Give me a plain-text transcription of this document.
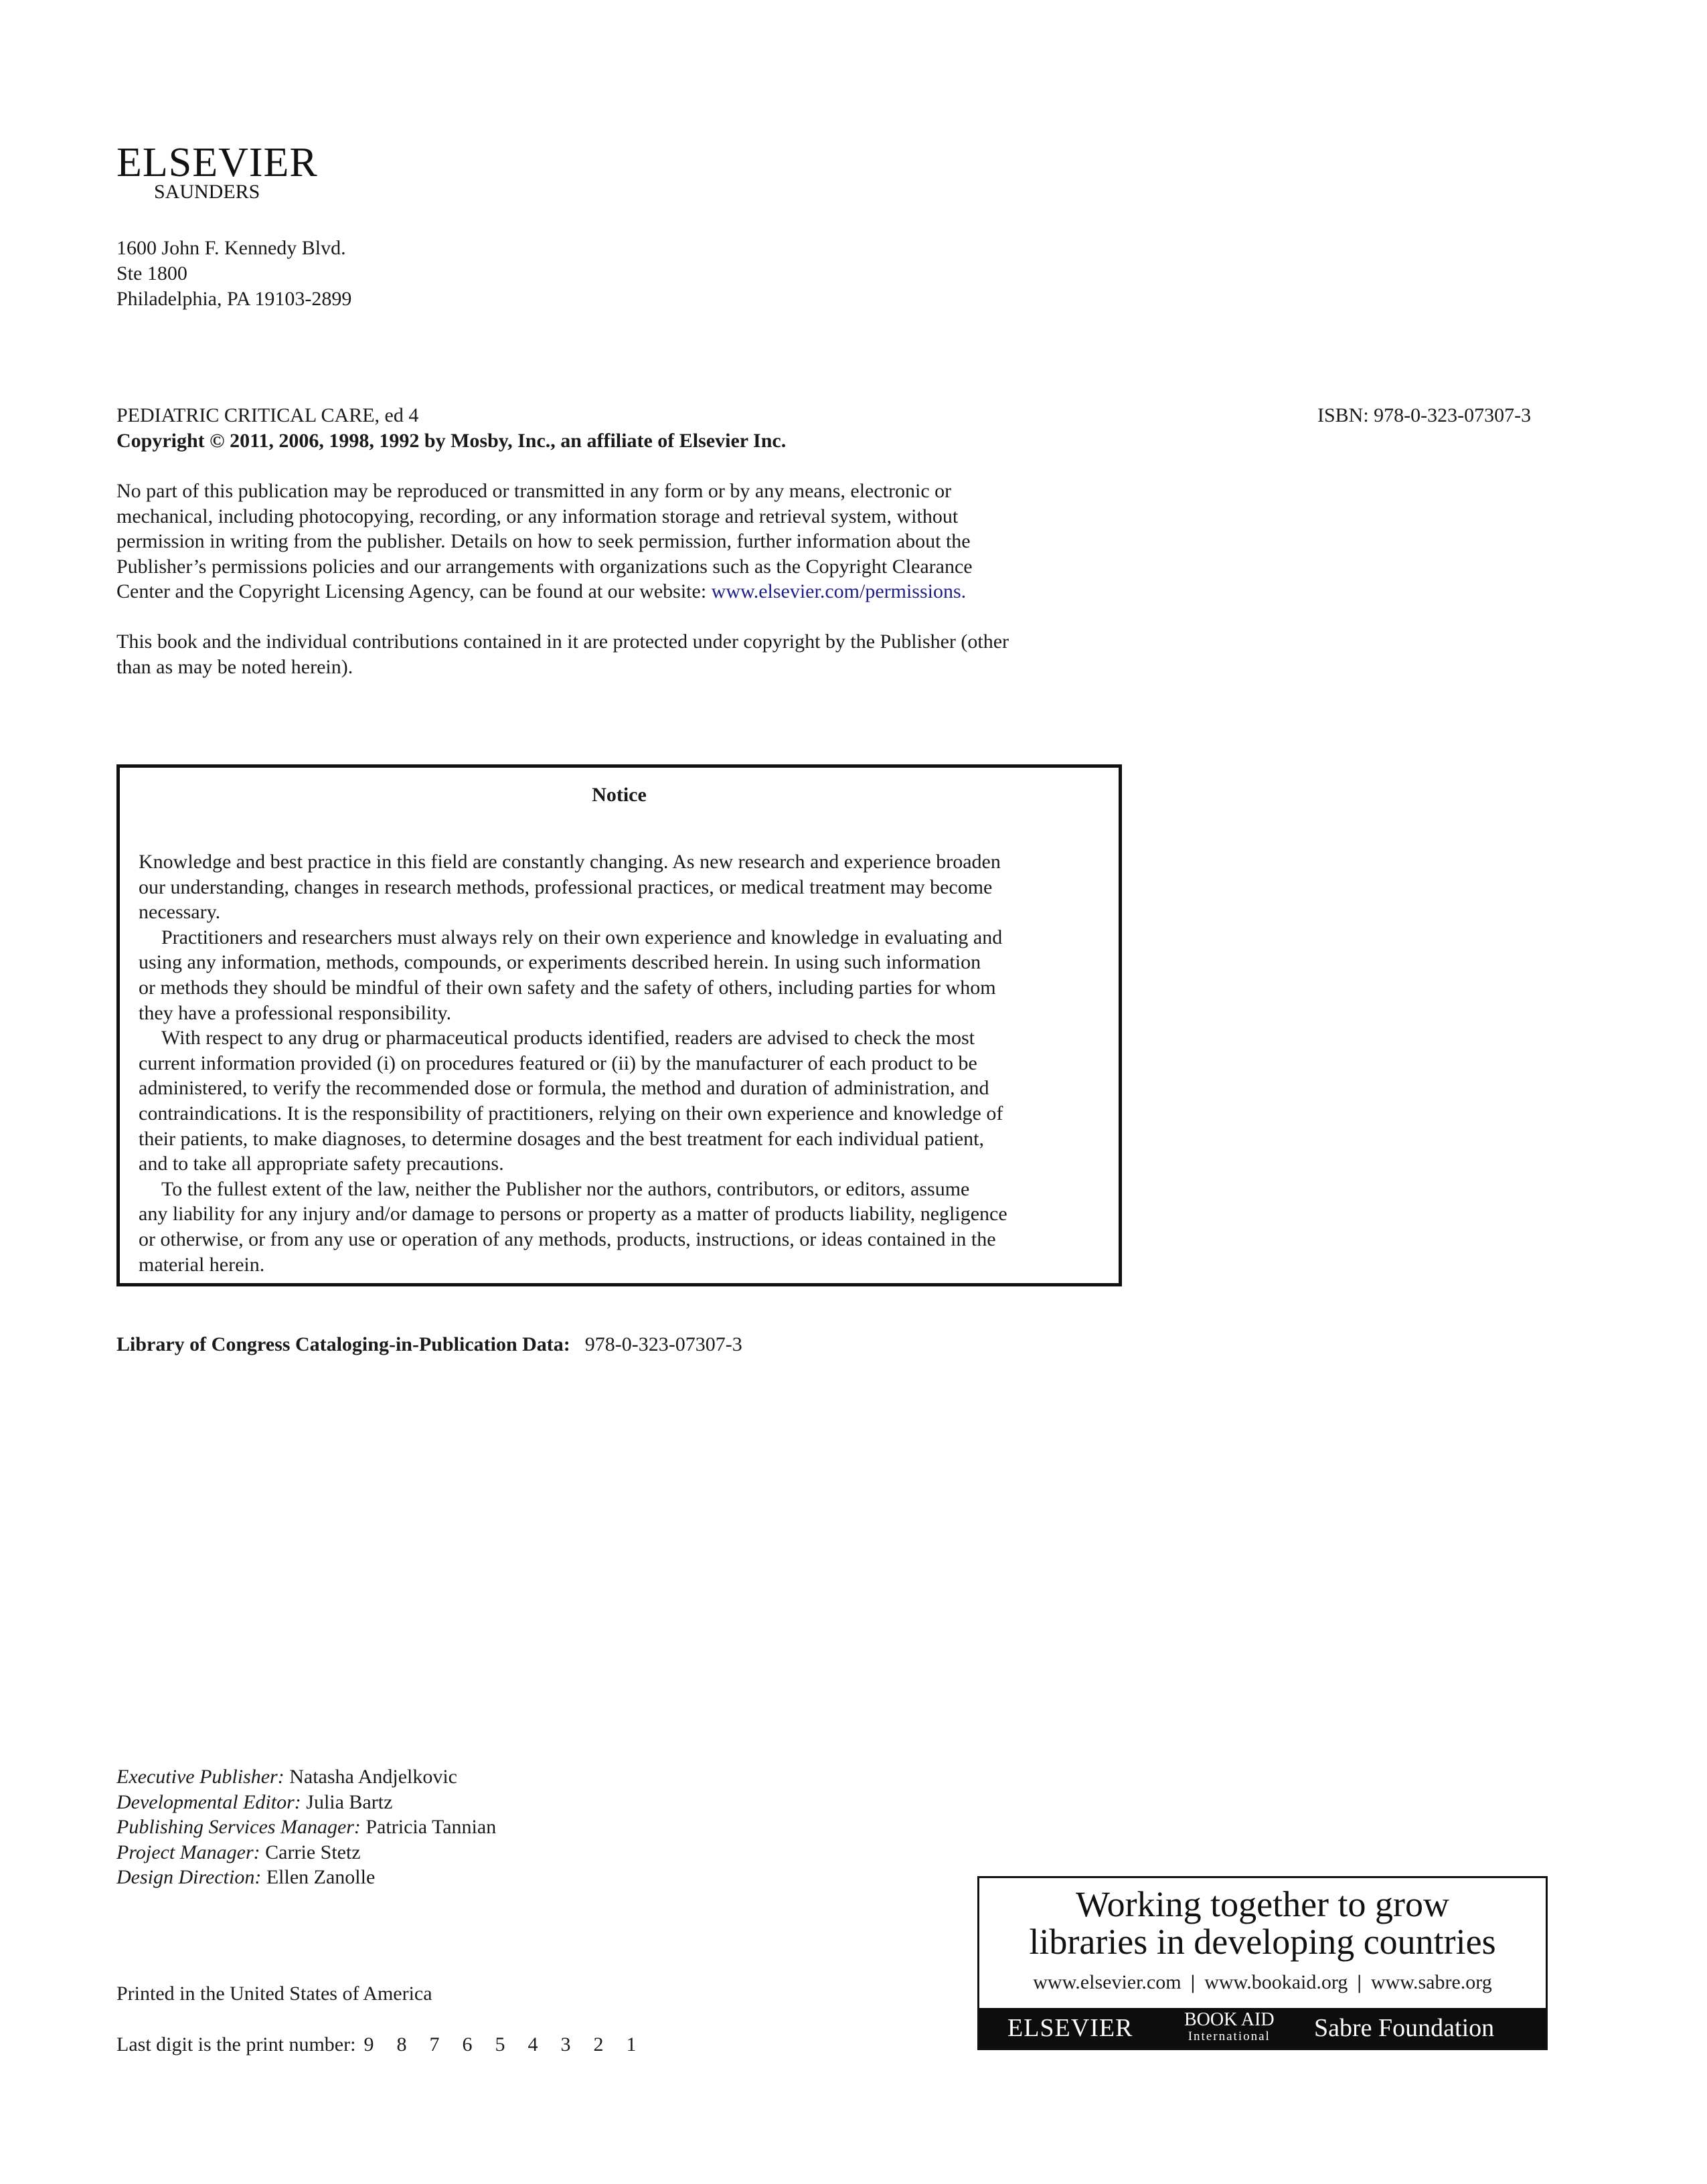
ELSEVIER
SAUNDERS
1600 John F. Kennedy Blvd.
Ste 1800
Philadelphia, PA 19103-2899
PEDIATRIC CRITICAL CARE, ed 4	ISBN: 978-0-323-07307-3
Copyright © 2011, 2006, 1998, 1992 by Mosby, Inc., an affiliate of Elsevier Inc.
No part of this publication may be reproduced or transmitted in any form or by any means, electronic or
mechanical, including photocopying, recording, or any information storage and retrieval system, without
permission in writing from the publisher. Details on how to seek permission, further information about the
Publisher’s permissions policies and our arrangements with organizations such as the Copyright Clearance
Center and the Copyright Licensing Agency, can be found at our website: www.elsevier.com/permissions.
This book and the individual contributions contained in it are protected under copyright by the Publisher (other
than as may be noted herein).
Notice
Knowledge and best practice in this field are constantly changing. As new research and experience broaden
our understanding, changes in research methods, professional practices, or medical treatment may become
necessary.
Practitioners and researchers must always rely on their own experience and knowledge in evaluating and
using any information, methods, compounds, or experiments described herein. In using such information
or methods they should be mindful of their own safety and the safety of others, including parties for whom
they have a professional responsibility.
With respect to any drug or pharmaceutical products identified, readers are advised to check the most
current information provided (i) on procedures featured or (ii) by the manufacturer of each product to be
administered, to verify the recommended dose or formula, the method and duration of administration, and
contraindications. It is the responsibility of practitioners, relying on their own experience and knowledge of
their patients, to make diagnoses, to determine dosages and the best treatment for each individual patient,
and to take all appropriate safety precautions.
To the fullest extent of the law, neither the Publisher nor the authors, contributors, or editors, assume
any liability for any injury and/or damage to persons or property as a matter of products liability, negligence
or otherwise, or from any use or operation of any methods, products, instructions, or ideas contained in the
material herein.
Library of Congress Cataloging-in-Publication Data: 978-0-323-07307-3
Executive Publisher: Natasha Andjelkovic
Developmental Editor: Julia Bartz
Publishing Services Manager: Patricia Tannian
Project Manager: Carrie Stetz
Design Direction: Ellen Zanolle
Printed in the United States of America
Last digit is the print number: 9 8 7 6 5 4 3 2 1
Working together to grow
libraries in developing countries
www.elsevier.com | www.bookaid.org | www.sabre.org
ELSEVIER	BOOK AID
International Sabre Foundation
